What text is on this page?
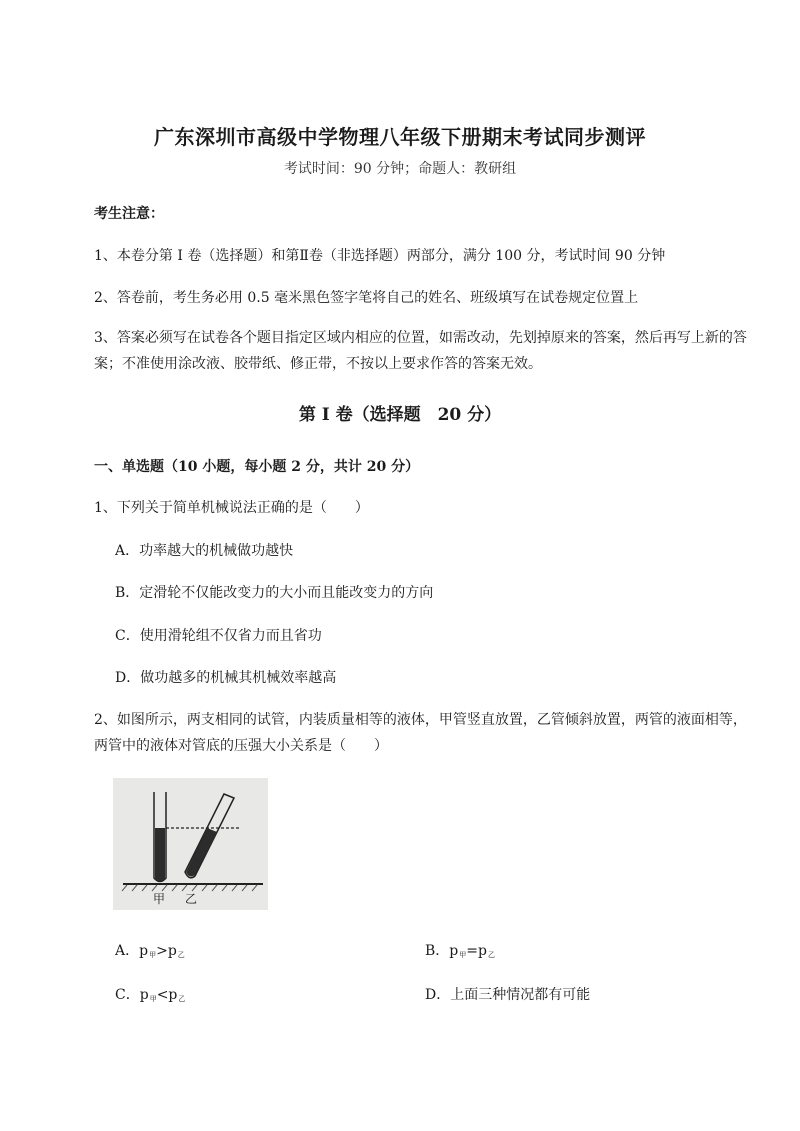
广东深圳市高级中学物理八年级下册期末考试同步测评
考试时间：90 分钟；命题人：教研组
考生注意：
1、本卷分第 I 卷（选择题）和第Ⅱ卷（非选择题）两部分，满分 100 分，考试时间 90 分钟
2、答卷前，考生务必用 0.5 毫米黑色签字笔将自己的姓名、班级填写在试卷规定位置上
3、答案必须写在试卷各个题目指定区域内相应的位置，如需改动，先划掉原来的答案，然后再写上新的答案；不准使用涂改液、胶带纸、修正带，不按以上要求作答的答案无效。
第 I 卷（选择题　20 分）
一、单选题（10 小题，每小题 2 分，共计 20 分）
1、下列关于简单机械说法正确的是（　　）
A．功率越大的机械做功越快
B．定滑轮不仅能改变力的大小而且能改变力的方向
C．使用滑轮组不仅省力而且省功
D．做功越多的机械其机械效率越高
2、如图所示，两支相同的试管，内装质量相等的液体，甲管竖直放置，乙管倾斜放置，两管的液面相等，两管中的液体对管底的压强大小关系是（　　）
甲 乙
A．$p_甲>p_乙$	B．$p_甲=p_乙$
C．$p_甲<p_乙$	D．上面三种情况都有可能
